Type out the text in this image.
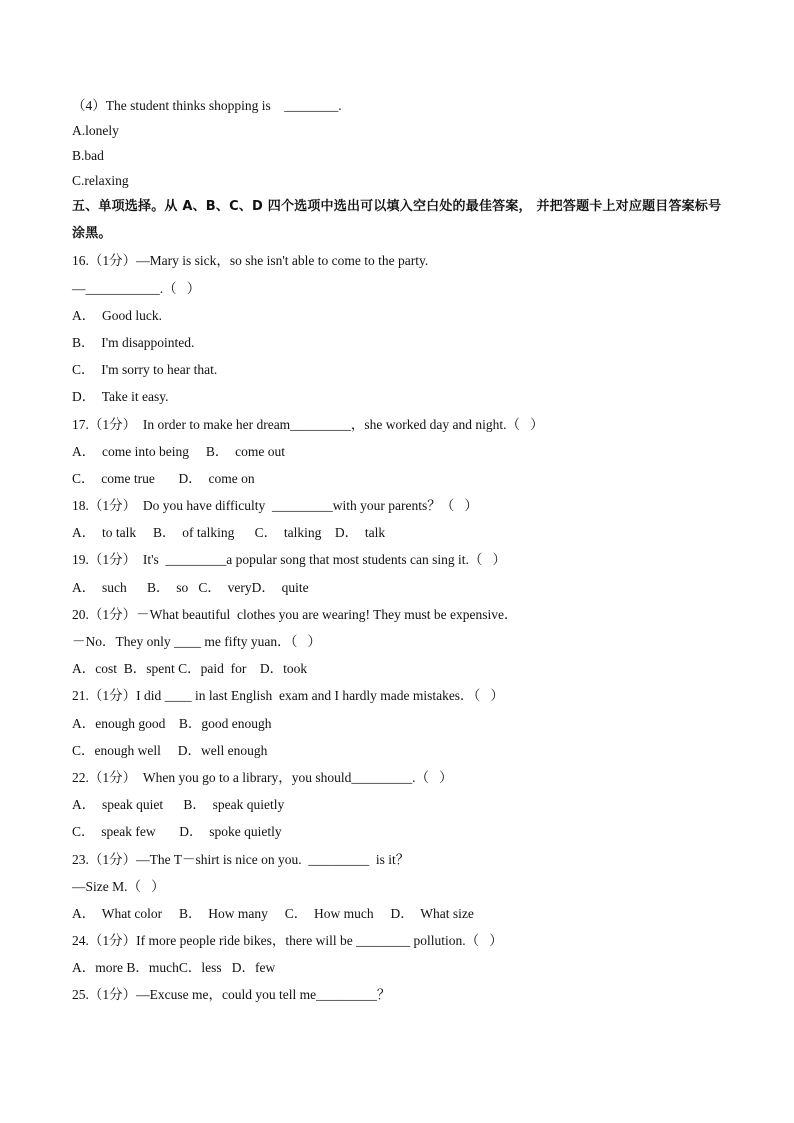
（4）The student thinks shopping is    ________.
A.lonely
B.bad
C.relaxing
五、单项选择。从 A、B、C、D 四个选项中选出可以填入空白处的最佳答案， 并把答题卡上对应题目答案标号涂黑。
16.（1分）—Mary is sick，so she isn't able to come to the party.
—___________.（   ）
A．  Good luck.
B．  I'm disappointed.
C．  I'm sorry to hear that.
D．  Take it easy.
17.（1分）  In order to make her dream_________，she worked day and night.（   ）
A．  come into being     B．  come out
C．  come true       D．  come on
18.（1分）  Do you have difficulty  _________with your parents？（   ）
A．  to talk     B．  of talking      C．  talking    D．  talk
19.（1分）  It's  _________a popular song that most students can sing it.（   ）
A．  such      B．  so   C．  veryD．  quite
20.（1分）－What beautiful  clothes you are wearing! They must be expensive．
－No．They only ____ me fifty yuan．（   ）
A．cost  B．spent C．paid  for    D．took
21.（1分）I did ____ in last English  exam and I hardly made mistakes．（   ）
A．enough good    B．good enough
C．enough well     D．well enough
22.（1分）  When you go to a library，you should_________.（   ）
A．  speak quiet      B．  speak quietly
C．  speak few       D．  spoke quietly
23.（1分）—The T－shirt is nice on you.  _________  is it？
—Size M.（   ）
A．  What color     B．  How many     C．  How much     D．  What size
24.（1分）If more people ride bikes，there will be ________ pollution.（   ）
A．more B．muchC．less   D．few
25.（1分）—Excuse me，could you tell me_________？
